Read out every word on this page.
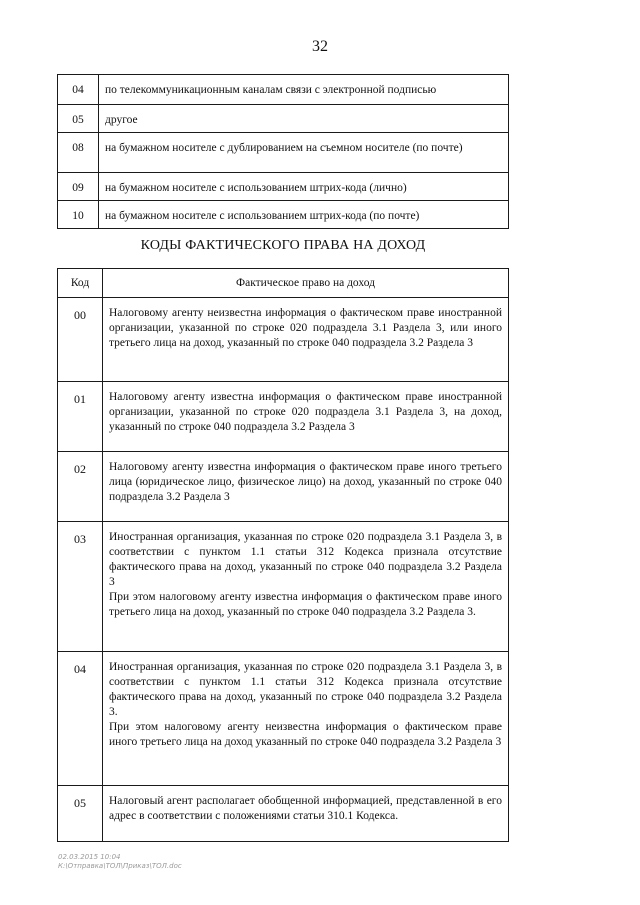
32
04	по телекоммуникационным каналам связи с электронной подписью
05	другое
08	на бумажном носителе с дублированием на съемном носителе (по почте)
09	на бумажном носителе с использованием штрих-кода (лично)
10	на бумажном носителе с использованием штрих-кода (по почте)
КОДЫ ФАКТИЧЕСКОГО ПРАВА НА ДОХОД
Код	Фактическое право на доход
00	Налоговому агенту неизвестна информация о фактическом праве иностранной организации, указанной по строке 020 подраздела 3.1 Раздела 3, или иного третьего лица на доход, указанный по строке 040 подраздела 3.2 Раздела 3

01	Налоговому агенту известна информация о фактическом праве иностранной организации, указанной по строке 020 подраздела 3.1 Раздела 3, на доход, указанный по строке 040 подраздела 3.2 Раздела 3

02	Налоговому агенту известна информация о фактическом праве иного третьего лица (юридическое лицо, физическое лицо) на доход, указанный по строке 040 подраздела 3.2 Раздела 3

03	Иностранная организация, указанная по строке 020 подраздела 3.1 Раздела 3, в соответствии с пунктом 1.1 статьи 312 Кодекса признала отсутствие фактического права на доход, указанный по строке 040 подраздела 3.2 Раздела 3

При этом налоговому агенту известна информация о фактическом праве иного третьего лица на доход, указанный по строке 040 подраздела 3.2 Раздела 3.

04	Иностранная организация, указанная по строке 020 подраздела 3.1 Раздела 3, в соответствии с пунктом 1.1 статьи 312 Кодекса признала отсутствие фактического права на доход, указанный по строке 040 подраздела 3.2 Раздела 3.

При этом налоговому агенту неизвестна информация о фактическом праве иного третьего лица на доход указанный по строке 040 подраздела 3.2 Раздела 3

05	Налоговый агент располагает обобщенной информацией, представленной в его адрес в соответствии с положениями статьи 310.1 Кодекса.

02.03.2015 10:04
К:\Отправка\ТОЛ\Приказ\ТОЛ.doc
